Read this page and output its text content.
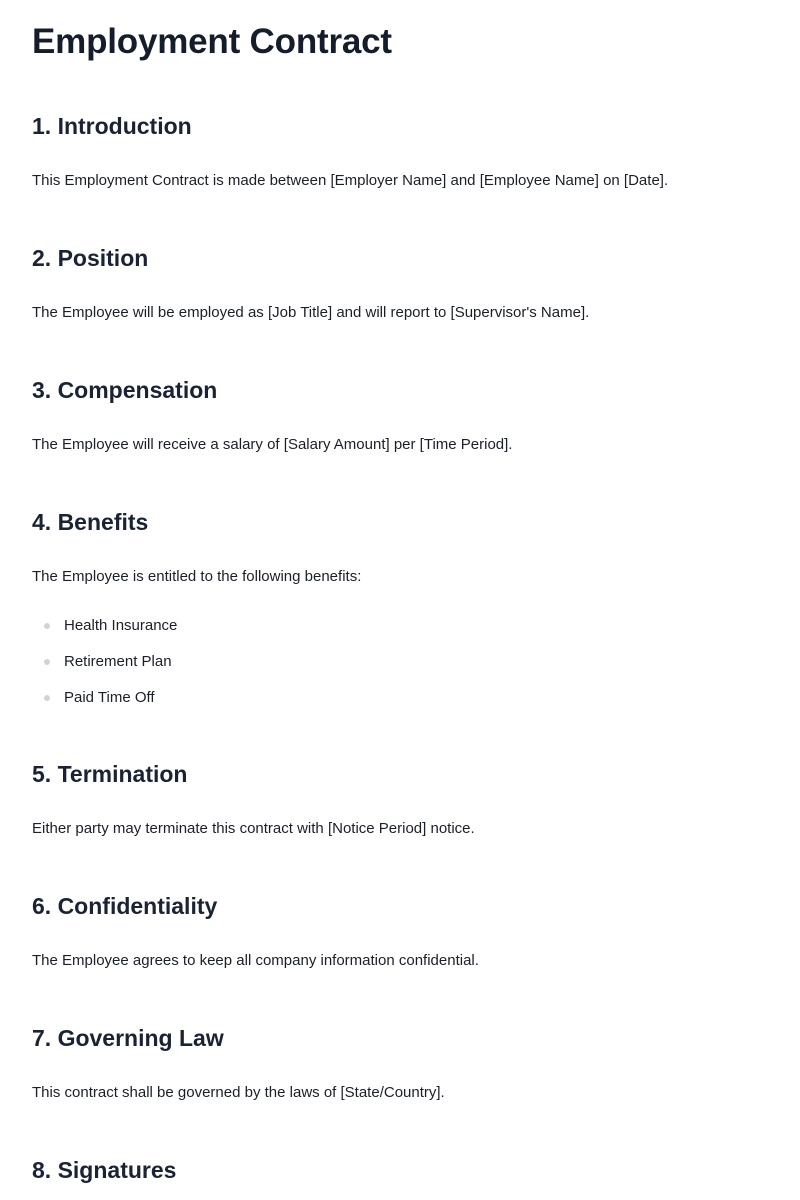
Employment Contract
1. Introduction

This Employment Contract is made between [Employer Name] and [Employee Name] on [Date].

2. Position

The Employee will be employed as [Job Title] and will report to [Supervisor's Name].

3. Compensation

The Employee will receive a salary of [Salary Amount] per [Time Period].

4. Benefits

The Employee is entitled to the following benefits:

Health Insurance
Retirement Plan
Paid Time Off
5. Termination

Either party may terminate this contract with [Notice Period] notice.

6. Confidentiality

The Employee agrees to keep all company information confidential.

7. Governing Law

This contract shall be governed by the laws of [State/Country].

8. Signatures
